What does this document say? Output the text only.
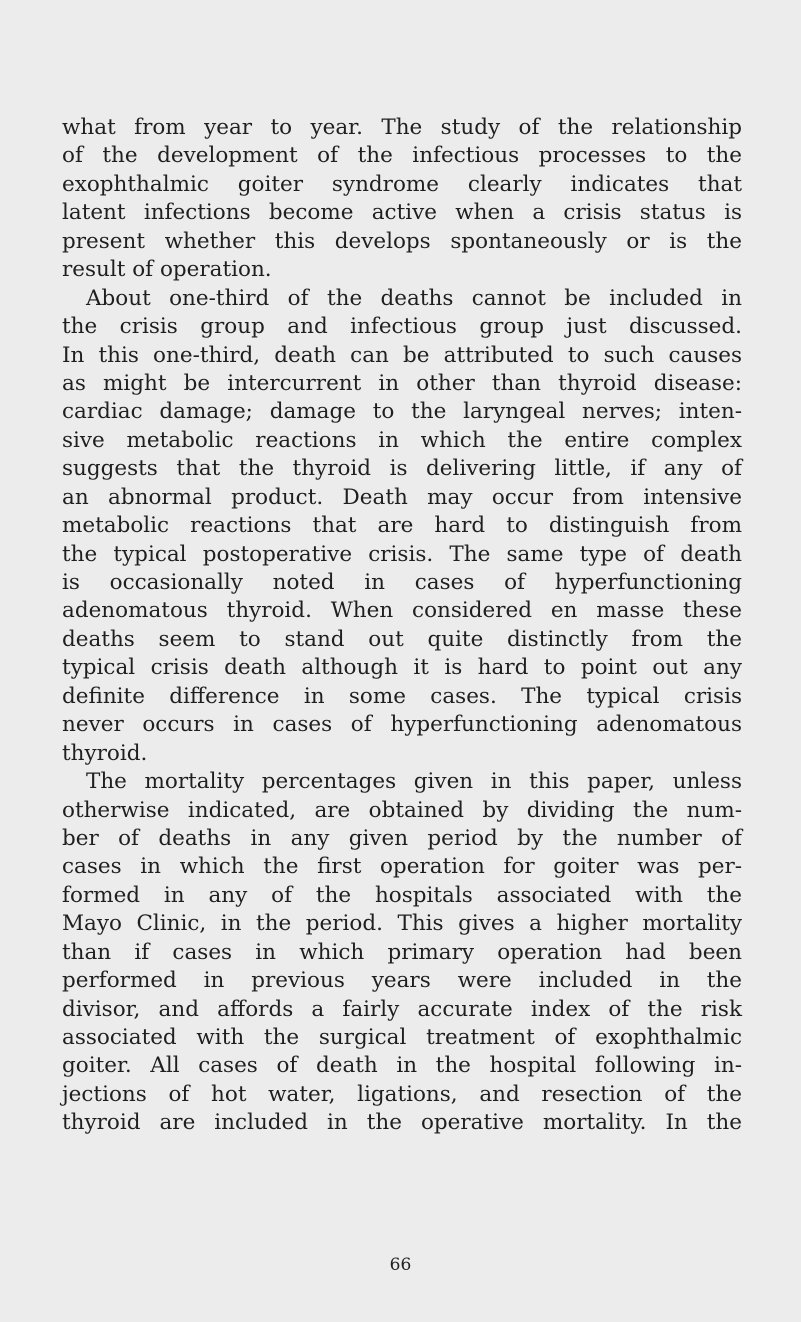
what from year to year. The study of the relationship
of the development of the infectious processes to the
exophthalmic goiter syndrome clearly indicates that
latent infections become active when a crisis status is
present whether this develops spontaneously or is the
result of operation.
About one-third of the deaths cannot be included in
the crisis group and infectious group just discussed.
In this one-third, death can be attributed to such causes
as might be intercurrent in other than thyroid disease:
cardiac damage; damage to the laryngeal nerves; inten-
sive metabolic reactions in which the entire complex
suggests that the thyroid is delivering little, if any of
an abnormal product. Death may occur from intensive
metabolic reactions that are hard to distinguish from
the typical postoperative crisis. The same type of death
is occasionally noted in cases of hyperfunctioning
adenomatous thyroid. When considered en masse these
deaths seem to stand out quite distinctly from the
typical crisis death although it is hard to point out any
definite difference in some cases. The typical crisis
never occurs in cases of hyperfunctioning adenomatous
thyroid.
The mortality percentages given in this paper, unless
otherwise indicated, are obtained by dividing the num-
ber of deaths in any given period by the number of
cases in which the first operation for goiter was per-
formed in any of the hospitals associated with the
Mayo Clinic, in the period. This gives a higher mortality
than if cases in which primary operation had been
performed in previous years were included in the
divisor, and affords a fairly accurate index of the risk
associated with the surgical treatment of exophthalmic
goiter. All cases of death in the hospital following in-
jections of hot water, ligations, and resection of the
thyroid are included in the operative mortality. In the
66
